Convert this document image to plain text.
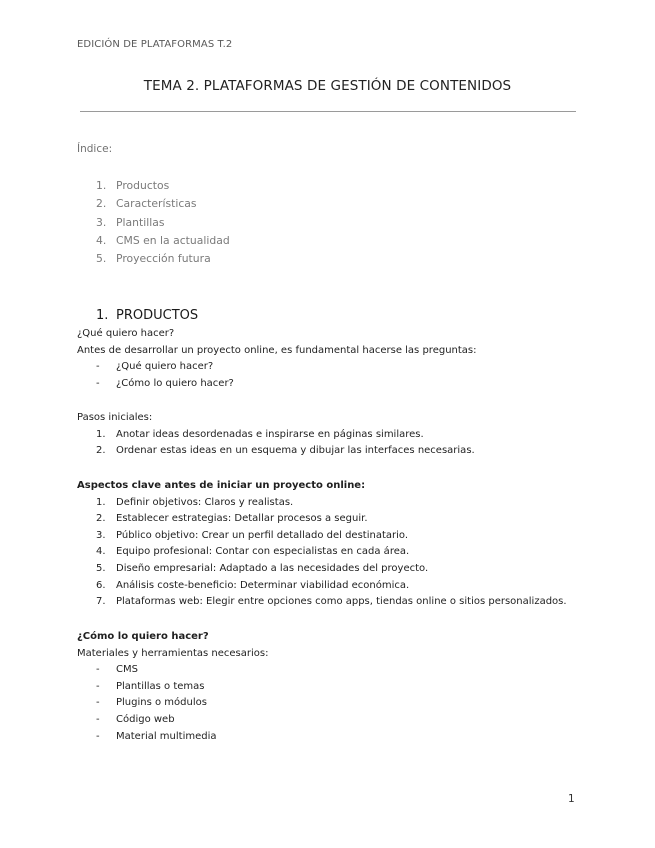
EDICIÓN DE PLATAFORMAS T.2
TEMA 2. PLATAFORMAS DE GESTIÓN DE CONTENIDOS
Índice:
1. Productos
2. Características
3. Plantillas
4. CMS en la actualidad
5. Proyección futura
1. PRODUCTOS
¿Qué quiero hacer?
Antes de desarrollar un proyecto online, es fundamental hacerse las preguntas:
- ¿Qué quiero hacer?
- ¿Cómo lo quiero hacer?
Pasos iniciales:
1. Anotar ideas desordenadas e inspirarse en páginas similares.
2. Ordenar estas ideas en un esquema y dibujar las interfaces necesarias.
Aspectos clave antes de iniciar un proyecto online:
1. Definir objetivos: Claros y realistas.
2. Establecer estrategias: Detallar procesos a seguir.
3. Público objetivo: Crear un perfil detallado del destinatario.
4. Equipo profesional: Contar con especialistas en cada área.
5. Diseño empresarial: Adaptado a las necesidades del proyecto.
6. Análisis coste-beneficio: Determinar viabilidad económica.
7. Plataformas web: Elegir entre opciones como apps, tiendas online o sitios personalizados.
¿Cómo lo quiero hacer?
Materiales y herramientas necesarios:
- CMS
- Plantillas o temas
- Plugins o módulos
- Código web
- Material multimedia
1
